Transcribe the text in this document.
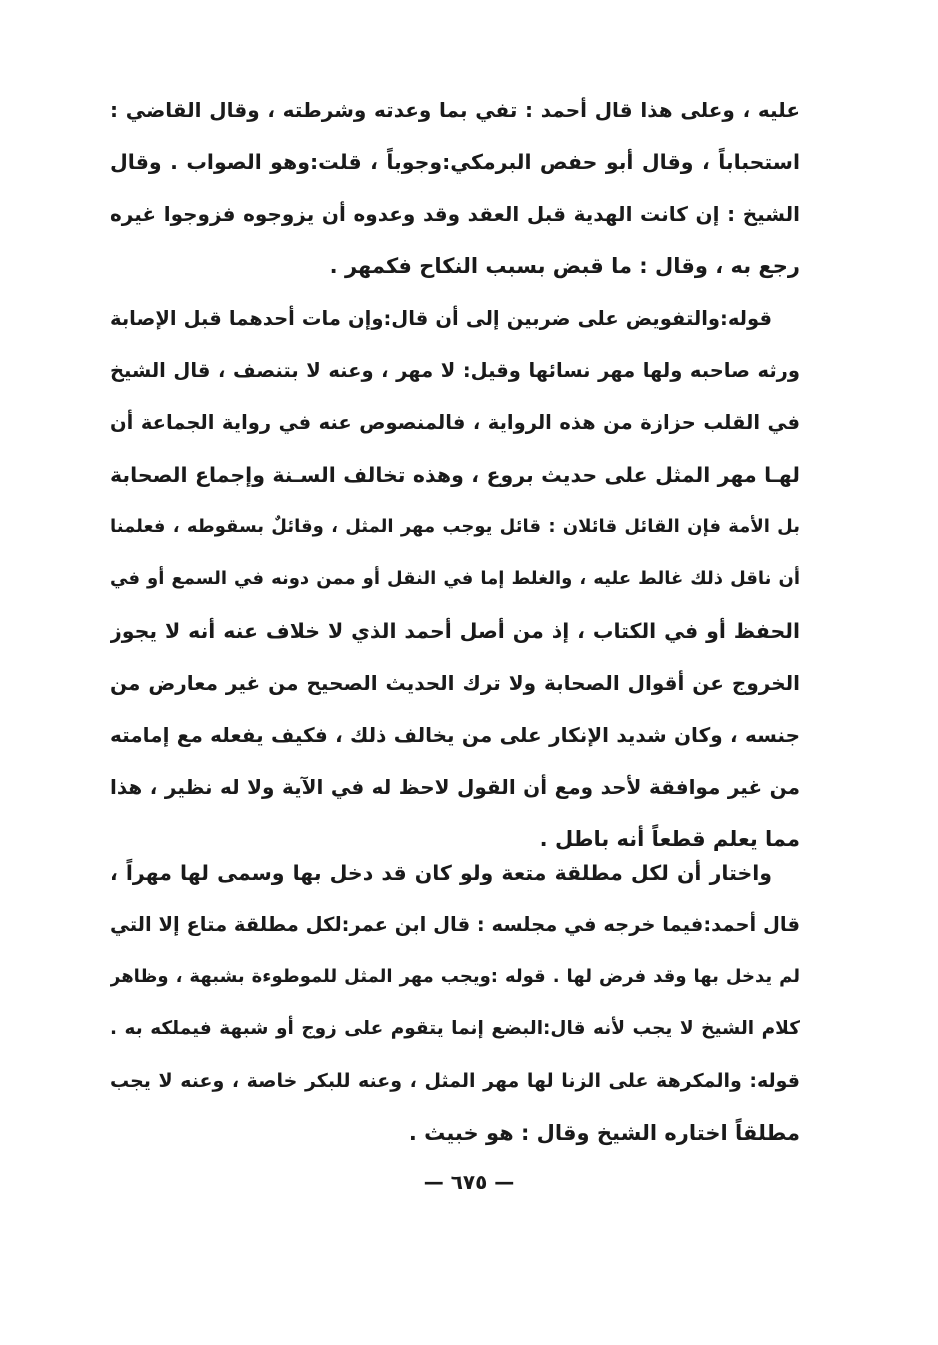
عليه ، وعلى هذا قال أحمد : تفي بما وعدته وشرطته ، وقال القاضي :
استحباباً ، وقال أبو حفص البرمكي:وجوباً ، قلت:وهو الصواب . وقال
الشيخ : إن كانت الهدية قبل العقد وقد وعدوه أن يزوجوه فزوجوا غيره
رجع به ، وقال : ما قبض بسبب النكاح فكمهر .
قوله:والتفويض على ضربين إلى أن قال:وإن مات أحدهما قبل الإصابة
ورثه صاحبه ولها مهر نسائها وقيل: لا مهر ، وعنه لا بتنصف ، قال الشيخ
في القلب حزازة من هذه الرواية ، فالمنصوص عنه في رواية الجماعة أن
لهـا مهر المثل على حديث بروع ، وهذه تخالف السـنة وإجماع الصحابة
بل الأمة فإن القائل قائلان : قائل يوجب مهر المثل ، وقائلٌ بسقوطه ، فعلمنا
أن ناقل ذلك غالط عليه ، والغلط إما في النقل أو ممن دونه في السمع أو في
الحفظ أو في الكتاب ، إذ من أصل أحمد الذي لا خلاف عنه أنه لا يجوز
الخروج عن أقوال الصحابة ولا ترك الحديث الصحيح من غير معارض من
جنسه ، وكان شديد الإنكار على من يخالف ذلك ، فكيف يفعله مع إمامته
من غير موافقة لأحد ومع أن القول لاحظ له في الآية ولا له نظير ، هذا
مما يعلم قطعاً أنه باطل .
واختار أن لكل مطلقة متعة ولو كان قد دخل بها وسمى لها مهراً ،
قال أحمد:فيما خرجه في مجلسه : قال ابن عمر:لكل مطلقة متاع إلا التي
لم يدخل بها وقد فرض لها . قوله :ويجب مهر المثل للموطوءة بشبهة ، وظاهر
كلام الشيخ لا يجب لأنه قال:البضع إنما يتقوم على زوج أو شبهة فيملكه به .
قوله: والمكرهة على الزنا لها مهر المثل ، وعنه للبكر خاصة ، وعنه لا يجب
مطلقاً اختاره الشيخ وقال : هو خبيث .
— ٦٧٥ —
